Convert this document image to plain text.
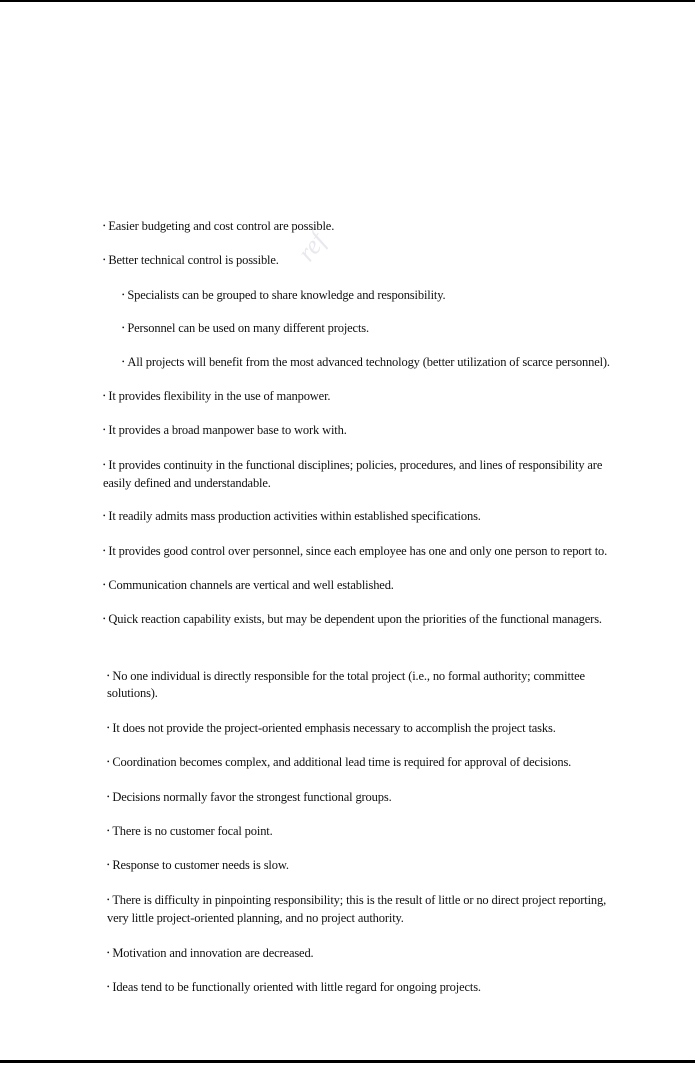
ref
• Easier budgeting and cost control are possible.
• Better technical control is possible.
• Specialists can be grouped to share knowledge and responsibility.
• Personnel can be used on many different projects.
• All projects will benefit from the most advanced technology (better utilization of scarce personnel).
• It provides flexibility in the use of manpower.
• It provides a broad manpower base to work with.
• It provides continuity in the functional disciplines; policies, procedures, and lines of responsibility are
easily defined and understandable.
• It readily admits mass production activities within established specifications.
• It provides good control over personnel, since each employee has one and only one person to report to.
• Communication channels are vertical and well established.
• Quick reaction capability exists, but may be dependent upon the priorities of the functional managers.
• No one individual is directly responsible for the total project (i.e., no formal authority; committee
solutions).
• It does not provide the project-oriented emphasis necessary to accomplish the project tasks.
• Coordination becomes complex, and additional lead time is required for approval of decisions.
• Decisions normally favor the strongest functional groups.
• There is no customer focal point.
• Response to customer needs is slow.
• There is difficulty in pinpointing responsibility; this is the result of little or no direct project reporting,
very little project-oriented planning, and no project authority.
• Motivation and innovation are decreased.
• Ideas tend to be functionally oriented with little regard for ongoing projects.
